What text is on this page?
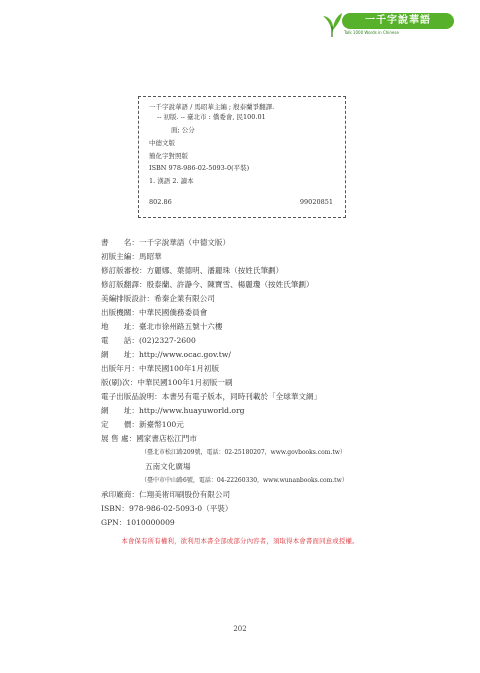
一千字說華語
Talk 1000 Words in Chinese
一千字說華語 / 馬昭華主編 ; 殷泰蘭爭翻譯.
-- 初版. -- 臺北市 : 僑委會, 民100.01
面; 公分
中德文版
簡化字對照版
ISBN 978-986-02-5093-0(平裝)
1. 漢語 2. 讀本
802.86	99020851
書　　名：一千字說華語（中德文版）
初版主編：馬昭華
修訂版審校：方麗娜、葉德明、潘麗珠（按姓氏筆劃）
修訂版翻譯：殷泰蘭、許瀞今、陳寶雪、楊麗瓊（按姓氏筆劃）
美編排版設計：希秦企業有限公司
出版機關：中華民國僑務委員會
地　　址：臺北市徐州路五號十六樓
電　　話：(02)2327-2600
網　　址：http://www.ocac.gov.tw/
出版年月：中華民國100年1月初版
版(刷)次：中華民國100年1月初版一刷
電子出版品說明：本書另有電子版本，同時刊載於「全球華文網」
網　　址：http://www.huayuworld.org
定　　價：新臺幣100元
展 售 處：國家書店松江門市
（臺北市松江路209號，電話：02-25180207，www.govbooks.com.tw）
五南文化廣場
（臺中市中山路6號，電話：04-22260330，www.wunanbooks.com.tw）
承印廠商：仁翔美術印刷股份有限公司
ISBN：978-986-02-5093-0（平裝）
GPN：1010000009
本會保有所有權利，欲利用本書全部或部分內容者，須取得本會書面同意或授權。
202
